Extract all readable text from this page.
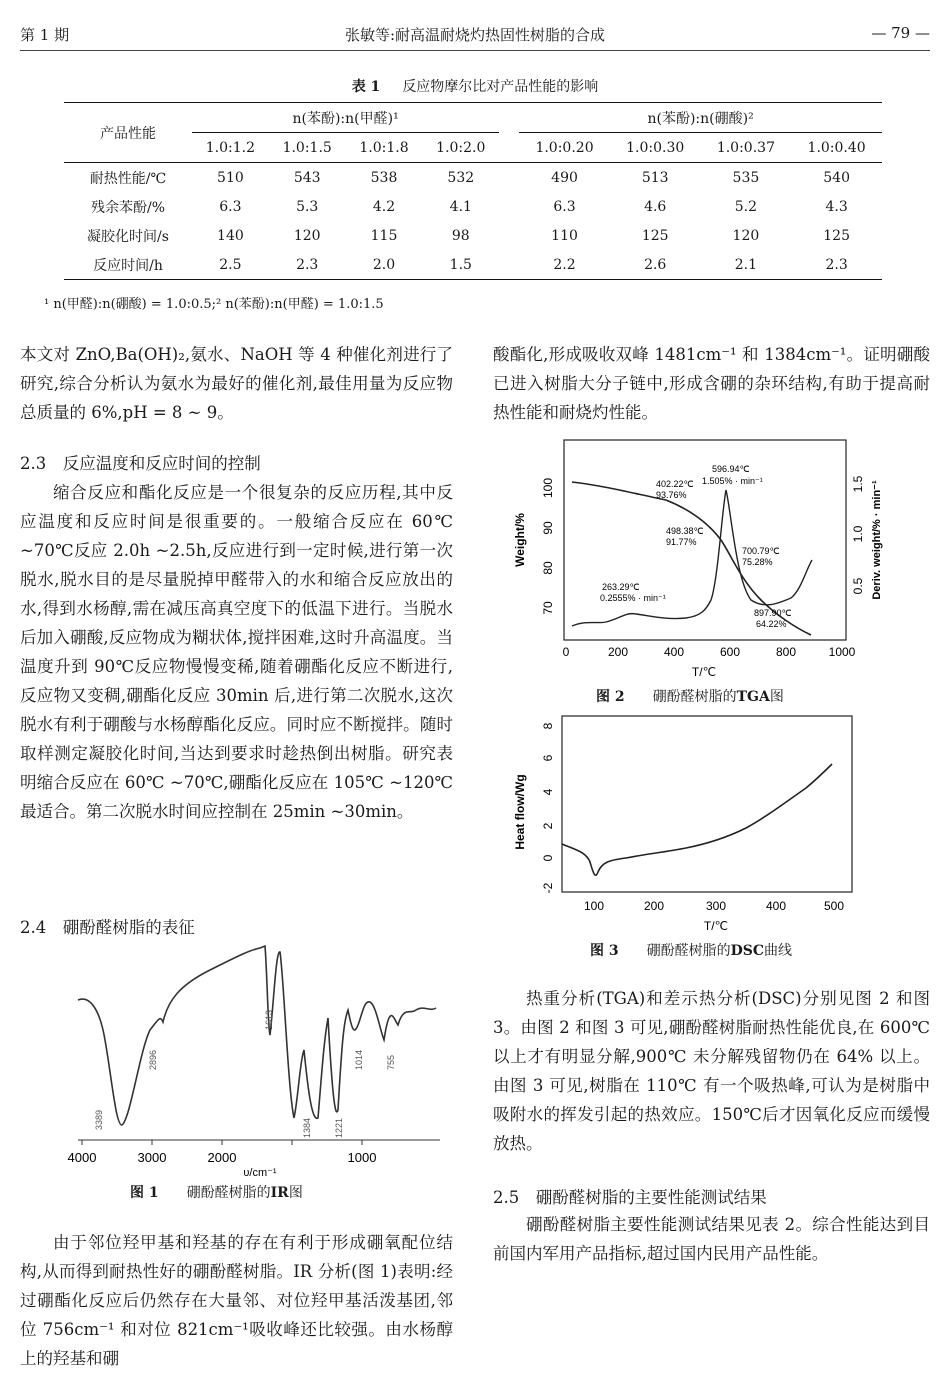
第 1 期	张敏等:耐高温耐烧灼热固性树脂的合成	— 79 —
表 1 反应物摩尔比对产品性能的影响
产品性能	n(苯酚):n(甲醛)¹					n(苯酚):n(硼酸)²			
	1.0:1.2	1.0:1.5	1.0:1.8	1.0:2.0		1.0:0.20	1.0:0.30	1.0:0.37	1.0:0.40
耐热性能/℃	510	543	538	532		490	513	535	540
残余苯酚/%	6.3	5.3	4.2	4.1		6.3	4.6	5.2	4.3
凝胶化时间/s	140	120	115	98		110	125	120	125
反应时间/h	2.5	2.3	2.0	1.5		2.2	2.6	2.1	2.3
¹ n(甲醛):n(硼酸) = 1.0:0.5;² n(苯酚):n(甲醛) = 1.0:1.5
本文对 ZnO,Ba(OH)₂,氨水、NaOH 等 4 种催化剂进行了研究,综合分析认为氨水为最好的催化剂,最佳用量为反应物总质量的 6%,pH = 8 ~ 9。
2.3　反应温度和反应时间的控制
缩合反应和酯化反应是一个很复杂的反应历程,其中反应温度和反应时间是很重要的。一般缩合反应在 60℃ ~70℃反应 2.0h ~2.5h,反应进行到一定时候,进行第一次脱水,脱水目的是尽量脱掉甲醛带入的水和缩合反应放出的水,得到水杨醇,需在减压高真空度下的低温下进行。当脱水后加入硼酸,反应物成为糊状体,搅拌困难,这时升高温度。当温度升到 90℃反应物慢慢变稀,随着硼酯化反应不断进行,反应物又变稠,硼酯化反应 30min 后,进行第二次脱水,这次脱水有利于硼酸与水杨醇酯化反应。同时应不断搅拌。随时取样测定凝胶化时间,当达到要求时趁热倒出树脂。研究表明缩合反应在 60℃ ~70℃,硼酯化反应在 105℃ ~120℃最适合。第二次脱水时间应控制在 25min ~30min。
2.4　硼酚醛树脂的表征
4000	3000	2000	1000
υ/cm⁻¹
3389
2896
1613
1384 1221
1014 755
图 1　　 硼酚醛树脂的IR图
由于邻位羟甲基和羟基的存在有利于形成硼氧配位结构,从而得到耐热性好的硼酚醛树脂。IR 分析(图 1)表明:经过硼酯化反应后仍然存在大量邻、对位羟甲基活泼基团,邻位 756cm⁻¹ 和对位 821cm⁻¹吸收峰还比较强。由水杨醇上的羟基和硼
酸酯化,形成吸收双峰 1481cm⁻¹ 和 1384cm⁻¹。证明硼酸已进入树脂大分子链中,形成含硼的杂环结构,有助于提高耐热性能和耐烧灼性能。
0	200	400	600	800	1000
T/℃
70
80
90
100
Weight/%
0.5
1.0
1.5 Deriv. weight/% · min⁻¹
596.94℃
1.505% · min⁻¹
402.22℃
93.76%
498.38℃
91.77%
700.79℃
75.28%
263.29℃
0.2555% · min⁻¹
897.90℃
64.22%
图 2　　 硼酚醛树脂的TGA图
100	200	300	400	500
T/℃
-2
0
2
4
6
8
Heat flow/Wg
图 3　　 硼酚醛树脂的DSC曲线
热重分析(TGA)和差示热分析(DSC)分别见图 2 和图 3。由图 2 和图 3 可见,硼酚醛树脂耐热性能优良,在 600℃ 以上才有明显分解,900℃ 未分解残留物仍在 64% 以上。由图 3 可见,树脂在 110℃ 有一个吸热峰,可认为是树脂中吸附水的挥发引起的热效应。150℃后才因氧化反应而缓慢放热。
2.5　硼酚醛树脂的主要性能测试结果
硼酚醛树脂主要性能测试结果见表 2。综合性能达到目前国内军用产品指标,超过国内民用产品性能。
